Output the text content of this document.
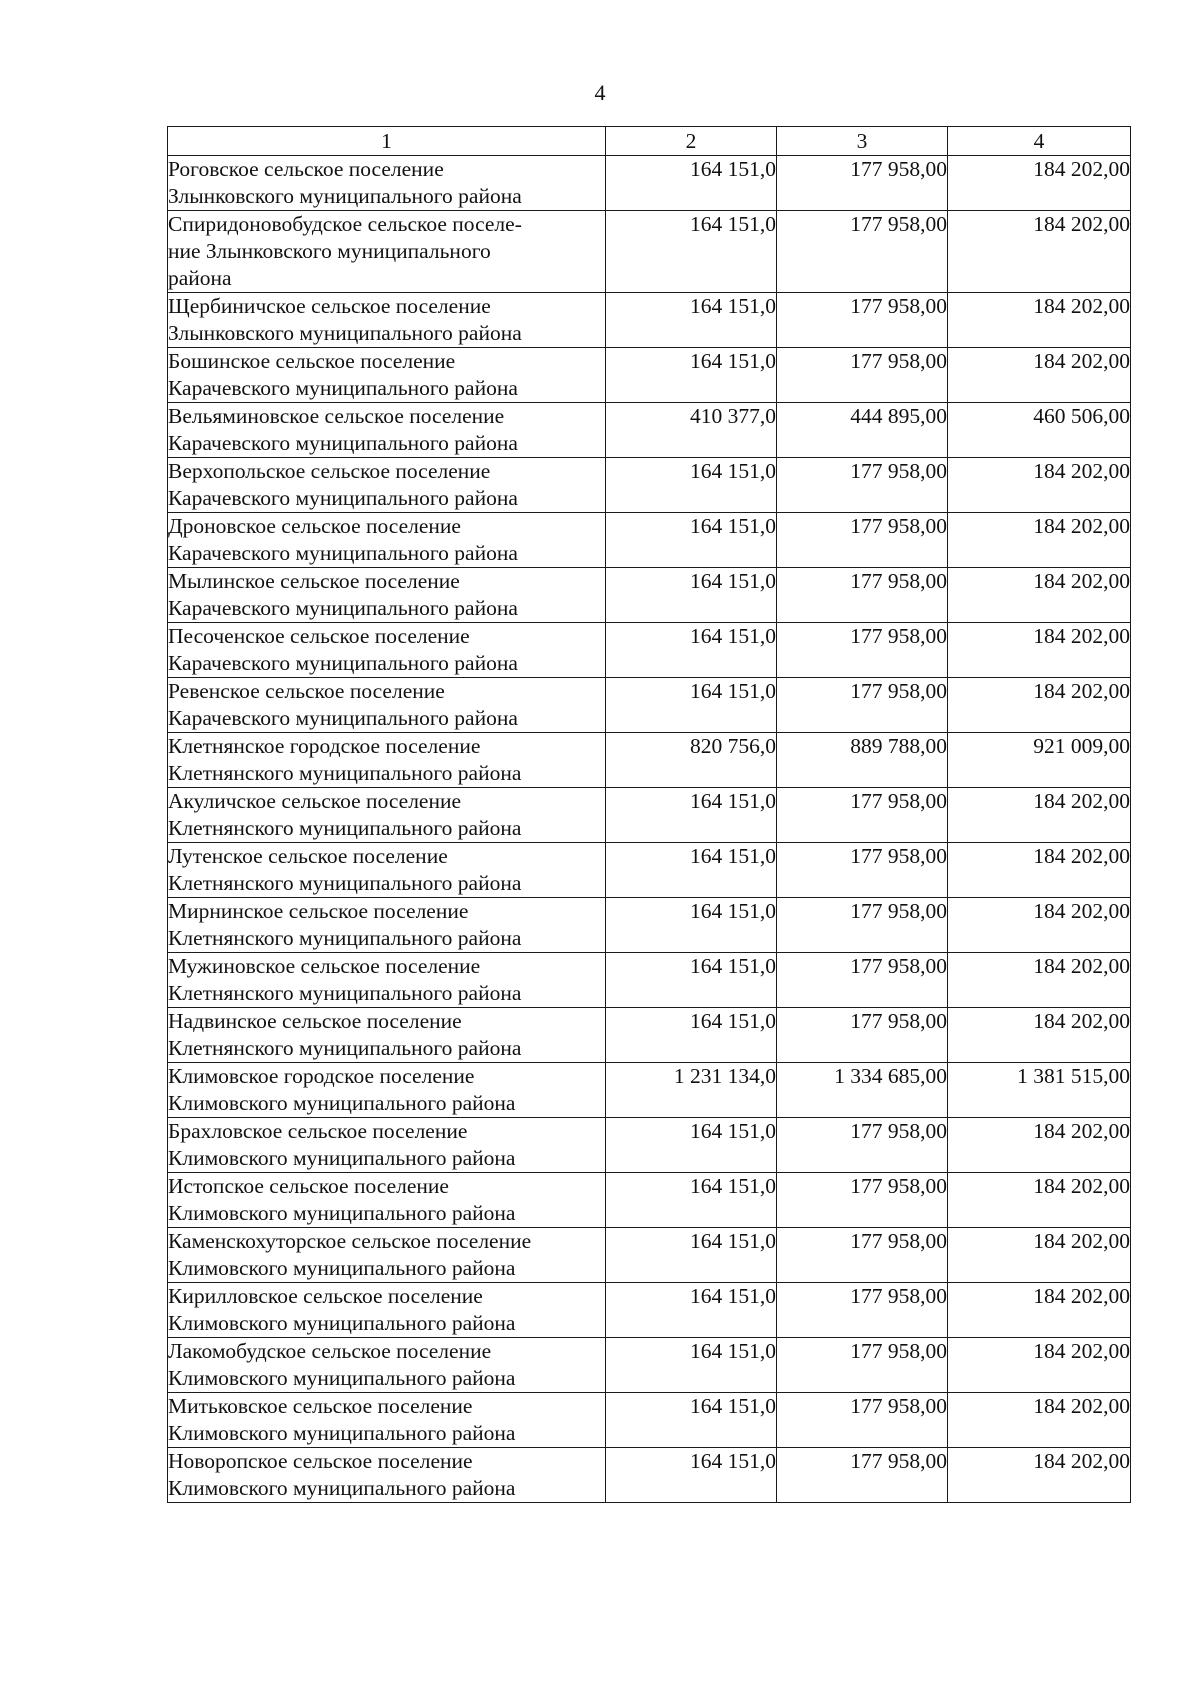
4
1	2	3	4

Роговское сельское поселение
Злынковского муниципального района	164 151,0	177 958,00	184 202,00

Спиридоновобудское сельское поселе-
ние Злынковского муниципального
района	164 151,0	177 958,00	184 202,00

Щербиничское сельское поселение
Злынковского муниципального района	164 151,0	177 958,00	184 202,00

Бошинское сельское поселение
Карачевского муниципального района	164 151,0	177 958,00	184 202,00

Вельяминовское сельское поселение
Карачевского муниципального района	410 377,0	444 895,00	460 506,00

Верхопольское сельское поселение
Карачевского муниципального района	164 151,0	177 958,00	184 202,00

Дроновское сельское поселение
Карачевского муниципального района	164 151,0	177 958,00	184 202,00

Мылинское сельское поселение
Карачевского муниципального района	164 151,0	177 958,00	184 202,00

Песоченское сельское поселение
Карачевского муниципального района	164 151,0	177 958,00	184 202,00

Ревенское сельское поселение
Карачевского муниципального района	164 151,0	177 958,00	184 202,00

Клетнянское городское поселение
Клетнянского муниципального района	820 756,0	889 788,00	921 009,00

Акуличское сельское поселение
Клетнянского муниципального района	164 151,0	177 958,00	184 202,00

Лутенское сельское поселение
Клетнянского муниципального района	164 151,0	177 958,00	184 202,00

Мирнинское сельское поселение
Клетнянского муниципального района	164 151,0	177 958,00	184 202,00

Мужиновское сельское поселение
Клетнянского муниципального района	164 151,0	177 958,00	184 202,00

Надвинское сельское поселение
Клетнянского муниципального района	164 151,0	177 958,00	184 202,00

Климовское городское поселение
Климовского муниципального района	1 231 134,0	1 334 685,00	1 381 515,00

Брахловское сельское поселение
Климовского муниципального района	164 151,0	177 958,00	184 202,00

Истопское сельское поселение
Климовского муниципального района	164 151,0	177 958,00	184 202,00

Каменскохуторское сельское поселение
Климовского муниципального района	164 151,0	177 958,00	184 202,00

Кирилловское сельское поселение
Климовского муниципального района	164 151,0	177 958,00	184 202,00

Лакомобудское сельское поселение
Климовского муниципального района	164 151,0	177 958,00	184 202,00

Митьковское сельское поселение
Климовского муниципального района	164 151,0	177 958,00	184 202,00

Новоропское сельское поселение
Климовского муниципального района	164 151,0	177 958,00	184 202,00
